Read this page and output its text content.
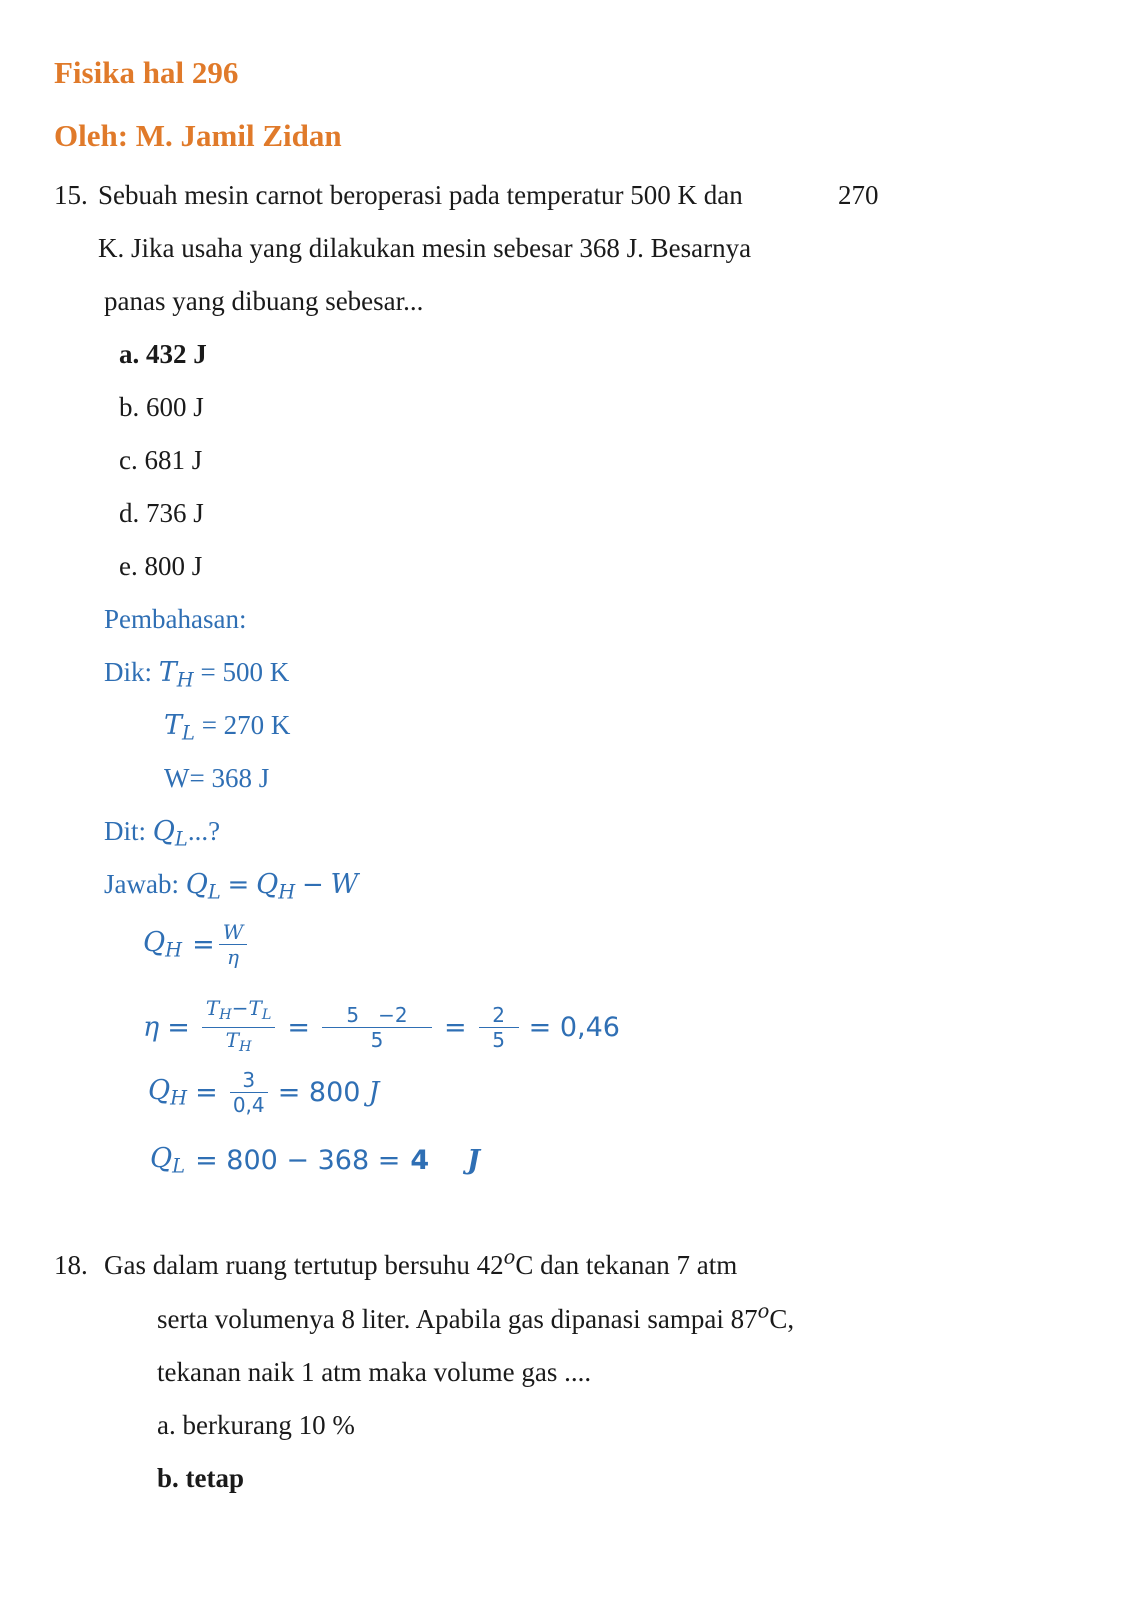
Fisika hal 296
Oleh: M. Jamil Zidan
15. Sebuah mesin carnot beroperasi pada temperatur 500 K dan	270
K. Jika usaha yang dilakukan mesin sebesar 368 J. Besarnya
panas yang dibuang sebesar...
a. 432 J
b. 600 J
c. 681 J
d. 736 J
e. 800 J
Pembahasan:
Dik: $T_H = 500$ K
$T_L = 270$ K
W= 368 J
Dit: $Q_L$...?
Jawab: $Q_L = Q_H - W$
$Q_H = \frac{W}{\eta}$
$\eta = \frac{T_H-T_L}{T_H} = \frac{5 -2}{5} = \frac{2}{5} = 0,46$
$Q_H = \frac{3}{0,4} = 800$ J
$Q_L = 800 - 368 = 4$ J
18. Gas dalam ruang tertutup bersuhu 42$^o$C dan tekanan 7 atm
serta volumenya 8 liter. Apabila gas dipanasi sampai 87$^o$C,
tekanan naik 1 atm maka volume gas ....
a. berkurang 10 %
b. tetap
